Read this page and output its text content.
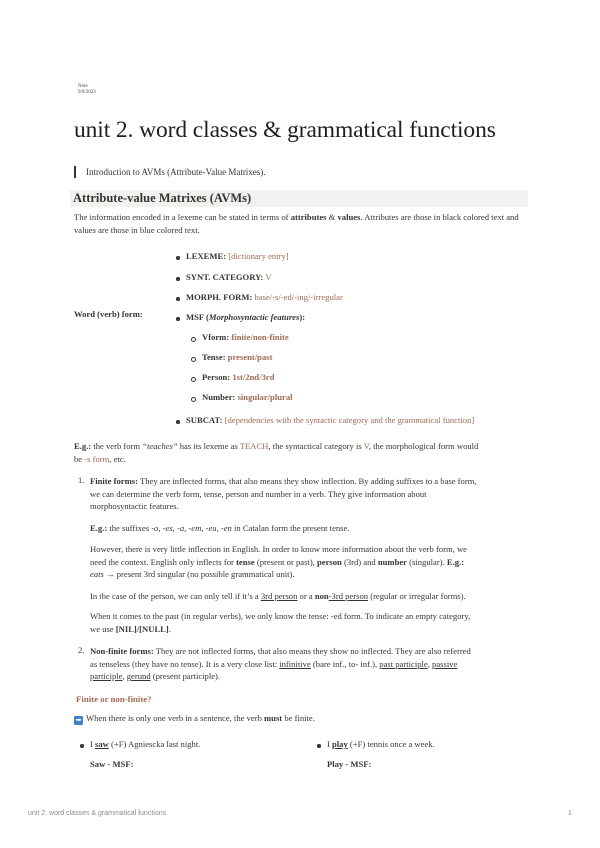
Note
9/9/2023
unit 2. word classes & grammatical functions
Introduction to AVMs (Attribute-Value Matrixes).
Attribute-value Matrixes (AVMs)
The information encoded in a lexeme can be stated in terms of attributes & values. Attributes are those in black colored text and values are those in blue colored text.
Word (verb) form:
LEXEME: [dictionary entry]
SYNT. CATEGORY: V
MORPH. FORM: base/-s/-ed/-ing/-irregular
MSF (Morphosyntactic features):
Vform: finite/non-finite
Tense: present/past
Person: 1st/2nd/3rd
Number: singular/plural
SUBCAT: [dependencies with the syntactic category and the grammatical function]
E.g.: the verb form “teaches” has its lexeme as TEACH, the syntactical category is V, the morphological form would
be -s form, etc.
1. Finite forms: They are inflected forms, that also means they show inflection. By adding suffixes to a base form,
we can determine the verb form, tense, person and number in a verb. They give information about
morphosyntactic features.
E.g.: the suffixes -o, -es, -a, -em, -eu, -en in Catalan form the present tense.
However, there is very little inflection in English. In order to know more information about the verb form, we
need the context. English only inflects for tense (present or past), person (3rd) and number (singular). E.g.:
eats → present 3rd singular (no possible grammatical unit).
In the case of the person, we can only tell if it’s a 3rd person or a non-3rd person (regular or irregular forms).
When it comes to the past (in regular verbs), we only know the tense: -ed form. To indicate an empty category,
we use [NIL]/[NULL].
2. Non-finite forms: They are not inflected forms, that also means they show no inflected. They are also referred
as tenseless (they have no tense). It is a very close list: infinitive (bare inf., to- inf.), past participle, passive
participle, gerund (present participle).
Finite or non-finite?
➡ When there is only one verb in a sentence, the verb must be finite.
I saw (+F) Agniescka last night.
Saw - MSF:
I play (+F) tennis once a week.
Play - MSF:
unit 2. word classes & grammatical functions	1
